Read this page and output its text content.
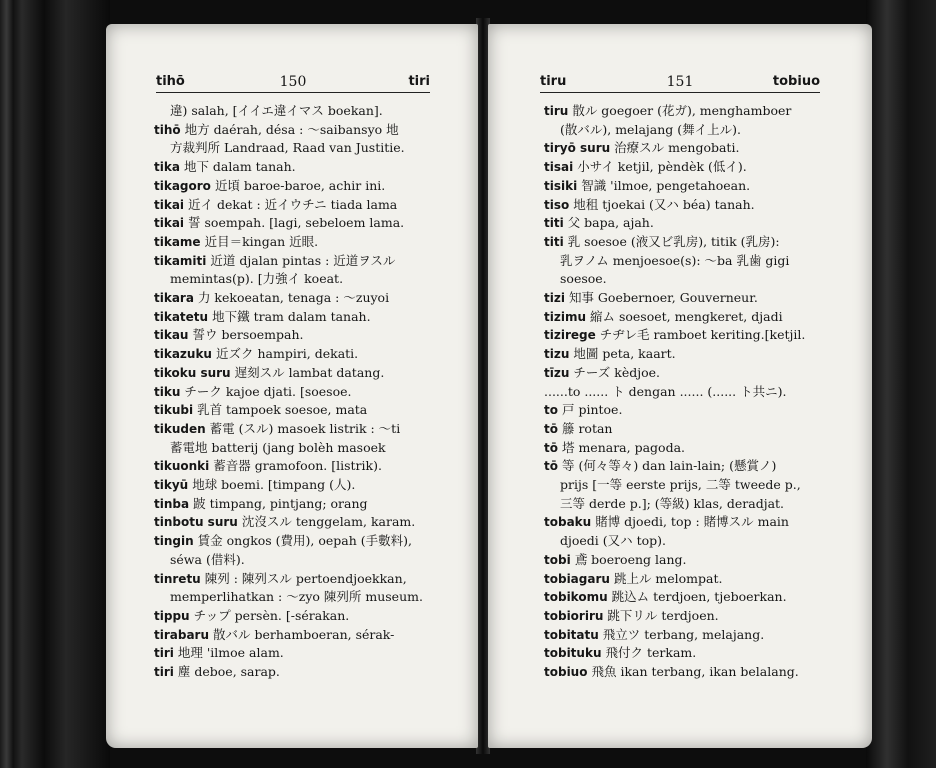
tihō	150	tiri
違) salah, [イイエ違イマス boekan].
tihō 地方 daérah, désa : ～saibansyo 地
方裁判所 Landraad, Raad van Justitie.
tika 地下 dalam tanah.
tikagoro 近頃 baroe-baroe, achir ini.
tikai 近イ dekat : 近イウチニ tiada lama
tikai 誓 soempah. [lagi, sebeloem lama.
tikame 近目＝kingan 近眼.
tikamiti 近道 djalan pintas : 近道ヲスル
memintas(p). [力強イ koeat.
tikara 力 kekoeatan, tenaga : ～zuyoi
tikatetu 地下鐵 tram dalam tanah.
tikau 誓ウ bersoempah.
tikazuku 近ズク hampiri, dekati.
tikoku suru 遅刻スル lambat datang.
tiku チーク kajoe djati. [soesoe.
tikubi 乳首 tampoek soesoe, mata
tikuden 蓄電 (スル) masoek listrik : ～ti
蓄電地 batterij (jang bolèh masoek
tikuonki 蓄音器 gramofoon. [listrik).
tikyū 地球 boemi. [timpang (人).
tinba 跛 timpang, pintjang; orang
tinbotu suru 沈沒スル tenggelam, karam.
tingin 賃金 ongkos (費用), oepah (手數料),
séwa (借料).
tinretu 陳列 : 陳列スル pertoendjoekkan,
memperlihatkan : ～zyo 陳列所 museum.
tippu チップ persèn. [-sérakan.
tirabaru 散バル berhamboeran, sérak-
tiri 地理 'ilmoe alam.
tiri 塵 deboe, sarap.
tiru	151	tobiuo
tiru 散ル goegoer (花ガ), menghamboer
(散バル), melajang (舞イ上ル).
tiryō suru 治療スル mengobati.
tisai 小サイ ketjil, pèndèk (低イ).
tisiki 智識 'ilmoe, pengetahoean.
tiso 地租 tjoekai (又ハ béa) tanah.
titi 父 bapa, ajah.
titi 乳 soesoe (液又ビ乳房), titik (乳房):
乳ヲノム menjoesoe(s): ～ba 乳歯 gigi
soesoe.
tizi 知事 Goebernoer, Gouverneur.
tizimu 縮ム soesoet, mengkeret, djadi
tizirege チヂレ毛 ramboet keriting.[ketjil.
tizu 地圖 peta, kaart.
tīzu チーズ kèdjoe.
......to ...... ト dengan ...... (...... ト共ニ).
to 戸 pintoe.
tō 籐 rotan
tō 塔 menara, pagoda.
tō 等 (何々等々) dan lain-lain; (懸賞ノ)
prijs [一等 eerste prijs, 二等 tweede p.,
三等 derde p.]; (等級) klas, deradjat.
tobaku 賭博 djoedi, top : 賭博スル main
djoedi (又ハ top).
tobi 鳶 boeroeng lang.
tobiagaru 跳上ル melompat.
tobikomu 跳込ム terdjoen, tjeboerkan.
tobioriru 跳下リル terdjoen.
tobitatu 飛立ツ terbang, melajang.
tobituku 飛付ク terkam.
tobiuo 飛魚 ikan terbang, ikan belalang.
